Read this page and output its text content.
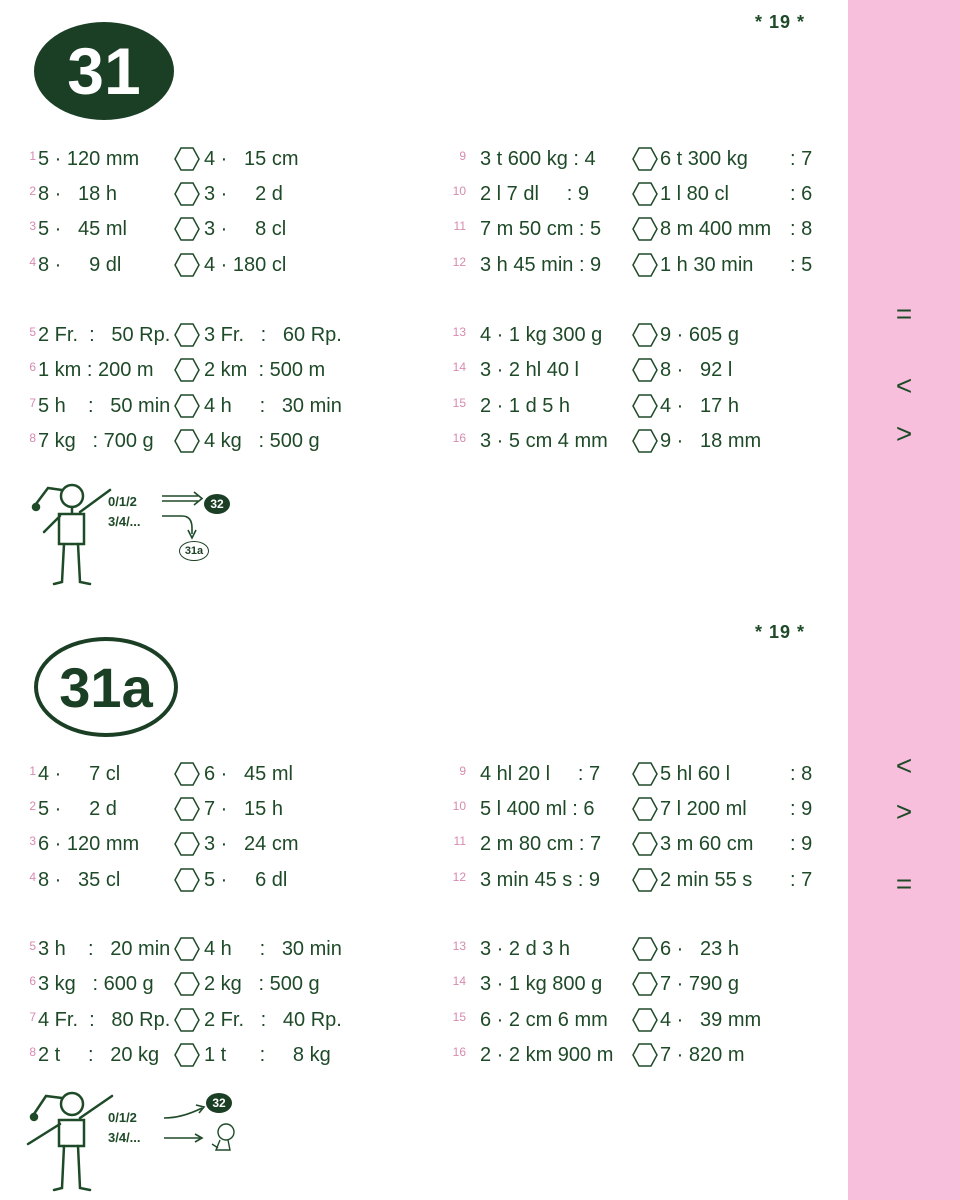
=
<
>
<
>
=
* 19 *
* 19 *
31
31a
1 5 · 120 mm	4 ·   15 cm
2 8 ·   18 h	3 ·     2 d
3 5 ·   45 ml	3 ·     8 cl
4 8 ·     9 dl	4 · 180 cl
5 2 Fr.  :   50 Rp. 3 Fr.   :   60 Rp.
6 1 km : 200 m	2 km  : 500 m
7 5 h    :   50 min 4 h     :   30 min
8 7 kg   : 700 g	4 kg   : 500 g
9 3 t 600 kg : 4	6 t 300 kg : 7
10 2 l 7 dl     : 9	1 l 80 cl	: 6
11 7 m 50 cm : 5	8 m 400 mm : 8
12 3 h 45 min : 9	1 h 30 min : 5
13 4 · 1 kg 300 g	9 · 605 g
14 3 · 2 hl 40 l	8 ·   92 l
15 2 · 1 d 5 h	4 ·   17 h
16 3 · 5 cm 4 mm	9 ·   18 mm
1 4 ·     7 cl	6 ·   45 ml
2 5 ·     2 d	7 ·   15 h
3 6 · 120 mm	3 ·   24 cm
4 8 ·   35 cl	5 ·     6 dl
5 3 h    :   20 min 4 h     :   30 min
6 3 kg   : 600 g	2 kg   : 500 g
7 4 Fr.  :   80 Rp. 2 Fr.   :   40 Rp.
8 2 t     :   20 kg 1 t      :     8 kg
9 4 hl 20 l     : 7	5 hl 60 l	: 8
10 5 l 400 ml : 6	7 l 200 ml : 9
11 2 m 80 cm : 7	3 m 60 cm : 9
12 3 min 45 s : 9	2 min 55 s : 7
13 3 · 2 d 3 h	6 ·   23 h
14 3 · 1 kg 800 g	7 · 790 g
15 6 · 2 cm 6 mm	4 ·   39 mm
16 2 · 2 km 900 m 7 · 820 m
0/1/2
3/4/...
32
31a
0/1/2
3/4/...
32
